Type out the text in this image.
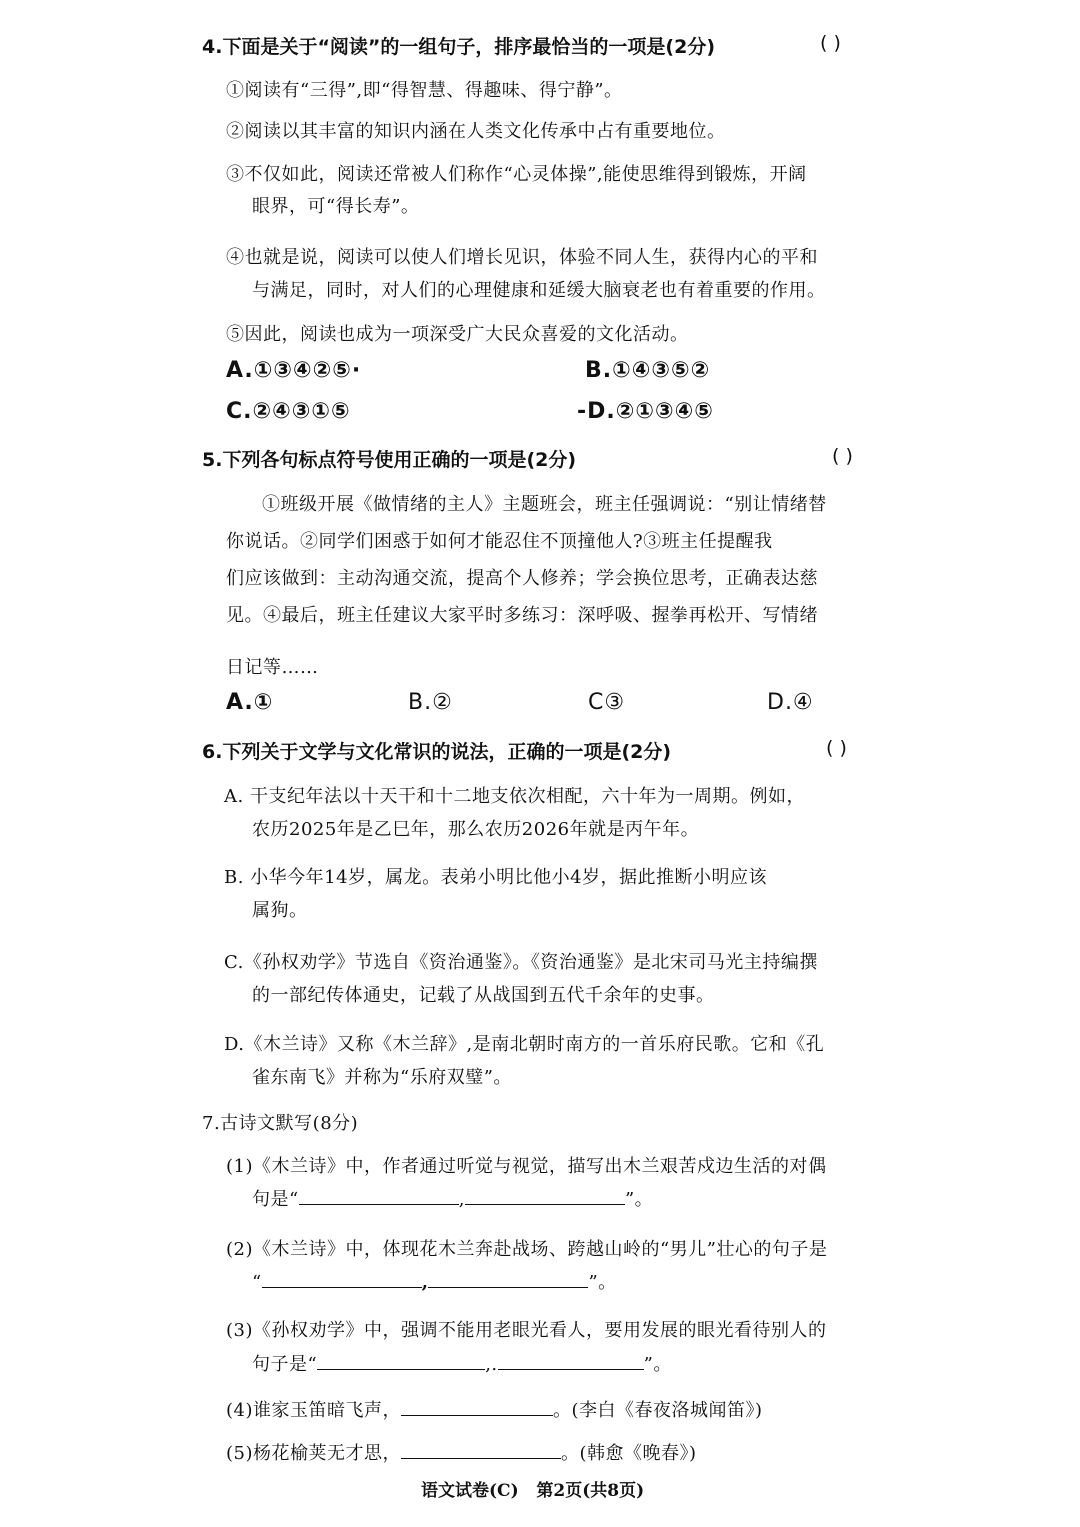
4.下面是关于“阅读”的一组句子，排序最恰当的一项是(2分)	( )
①阅读有“三得”,即“得智慧、得趣味、得宁静”。
②阅读以其丰富的知识内涵在人类文化传承中占有重要地位。
③不仅如此，阅读还常被人们称作“心灵体操”,能使思维得到锻炼，开阔
眼界，可“得长寿”。
④也就是说，阅读可以使人们增长见识，体验不同人生，获得内心的平和
与满足，同时，对人们的心理健康和延缓大脑衰老也有着重要的作用。
⑤因此，阅读也成为一项深受广大民众喜爱的文化活动。
A.①③④②⑤·	B.①④③⑤②
C.②④③①⑤	-D.②①③④⑤
5.下列各句标点符号使用正确的一项是(2分)	( )
①班级开展《做情绪的主人》主题班会，班主任强调说：“别让情绪替
你说话。②同学们困惑于如何才能忍住不顶撞他人?③班主任提醒我
们应该做到：主动沟通交流，提高个人修养；学会换位思考，正确表达慈
见。④最后，班主任建议大家平时多练习：深呼吸、握拳再松开、写情绪
日记等……
A.①	B.②	C③	D.④
6.下列关于文学与文化常识的说法，正确的一项是(2分)	( )
A. 干支纪年法以十天干和十二地支依次相配，六十年为一周期。例如，
农历2025年是乙巳年，那么农历2026年就是丙午年。
B. 小华今年14岁，属龙。表弟小明比他小4岁，据此推断小明应该
属狗。
C.《孙权劝学》节选自《资治通鉴》。《资治通鉴》是北宋司马光主持编撰
的一部纪传体通史，记载了从战国到五代千余年的史事。
D.《木兰诗》又称《木兰辞》,是南北朝时南方的一首乐府民歌。它和《孔
雀东南飞》并称为“乐府双璧”。
7.古诗文默写(8分)
(1)《木兰诗》中，作者通过听觉与视觉，描写出木兰艰苦戍边生活的对偶
句是“	,	”。
(2)《木兰诗》中，体现花木兰奔赴战场、跨越山岭的“男儿”壮心的句子是
“	,	”。
(3)《孙权劝学》中，强调不能用老眼光看人，要用发展的眼光看待别人的
句子是“	,.	”。
(4)谁家玉笛暗飞声，	。(李白《春夜洛城闻笛》)
(5)杨花榆荚无才思，	。(韩愈《晚春》)
语文试卷(C)   第2页(共8页)
